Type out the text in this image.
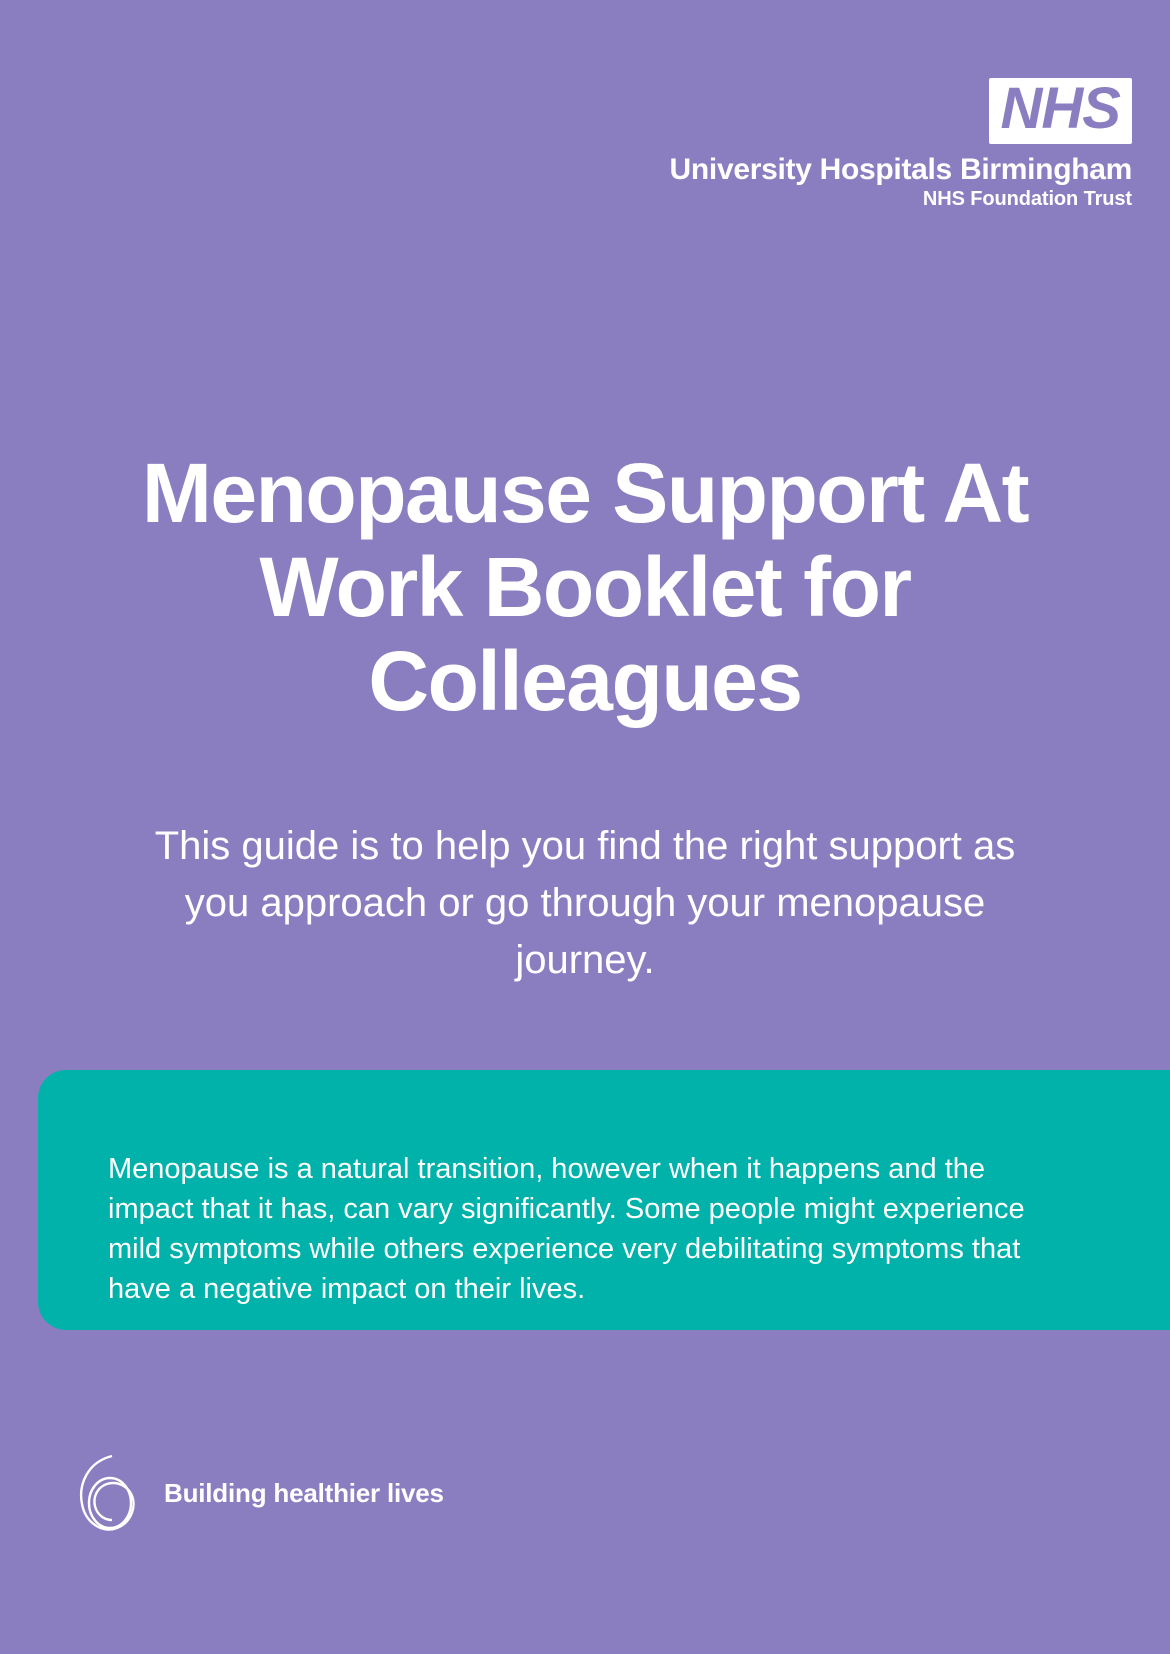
NHS
University Hospitals Birmingham
NHS Foundation Trust
Menopause Support At Work Booklet for Colleagues

This guide is to help you find the right support as you approach or go through your menopause journey.

Menopause is a natural transition, however when it happens and the impact that it has, can vary significantly. Some people might experience mild symptoms while others experience very debilitating symptoms that have a negative impact on their lives.

Building healthier lives
